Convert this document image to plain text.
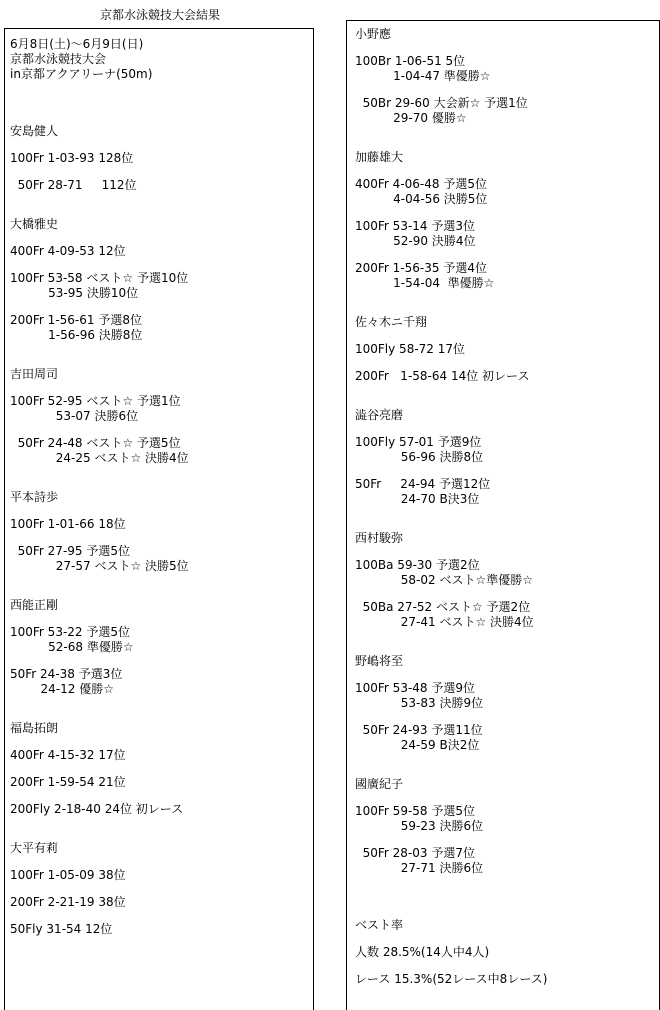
京都水泳競技大会結果
6月8日(土)～6月9日(日)
京都水泳競技大会
in京都アクアリーナ(50m)
安島健人
100Fr 1-03-93 128位
50Fr 28-71     112位
大橋雅史
400Fr 4-09-53 12位
100Fr 53-58 ベスト☆ 予選10位
53-95 決勝10位
200Fr 1-56-61 予選8位
1-56-96 決勝8位
吉田周司
100Fr 52-95 ベスト☆ 予選1位
53-07 決勝6位
50Fr 24-48 ベスト☆ 予選5位
24-25 ベスト☆ 決勝4位
平本詩歩
100Fr 1-01-66 18位
50Fr 27-95 予選5位
27-57 ベスト☆ 決勝5位
西能正剛
100Fr 53-22 予選5位
52-68 準優勝☆
50Fr 24-38 予選3位
24-12 優勝☆
福島拓朗
400Fr 4-15-32 17位
200Fr 1-59-54 21位
200Fly 2-18-40 24位 初レース
大平有莉
100Fr 1-05-09 38位
200Fr 2-21-19 38位
50Fly 31-54 12位
小野應
100Br 1-06-51 5位
1-04-47 準優勝☆
50Br 29-60 大会新☆ 予選1位
29-70 優勝☆
加藤雄大
400Fr 4-06-48 予選5位
4-04-56 決勝5位
100Fr 53-14 予選3位
52-90 決勝4位
200Fr 1-56-35 予選4位
1-54-04  準優勝☆
佐々木ニ千翔
100Fly 58-72 17位
200Fr   1-58-64 14位 初レース
澁谷亮磨
100Fly 57-01 予選9位
56-96 決勝8位
50Fr     24-94 予選12位
24-70 B決3位
西村駿弥
100Ba 59-30 予選2位
58-02 ベスト☆準優勝☆
50Ba 27-52 ベスト☆ 予選2位
27-41 ベスト☆ 決勝4位
野嶋将至
100Fr 53-48 予選9位
53-83 決勝9位
50Fr 24-93 予選11位
24-59 B決2位
國廣紀子
100Fr 59-58 予選5位
59-23 決勝6位
50Fr 28-03 予選7位
27-71 決勝6位
ベスト率
人数 28.5%(14人中4人)
レース 15.3%(52レース中8レース)
